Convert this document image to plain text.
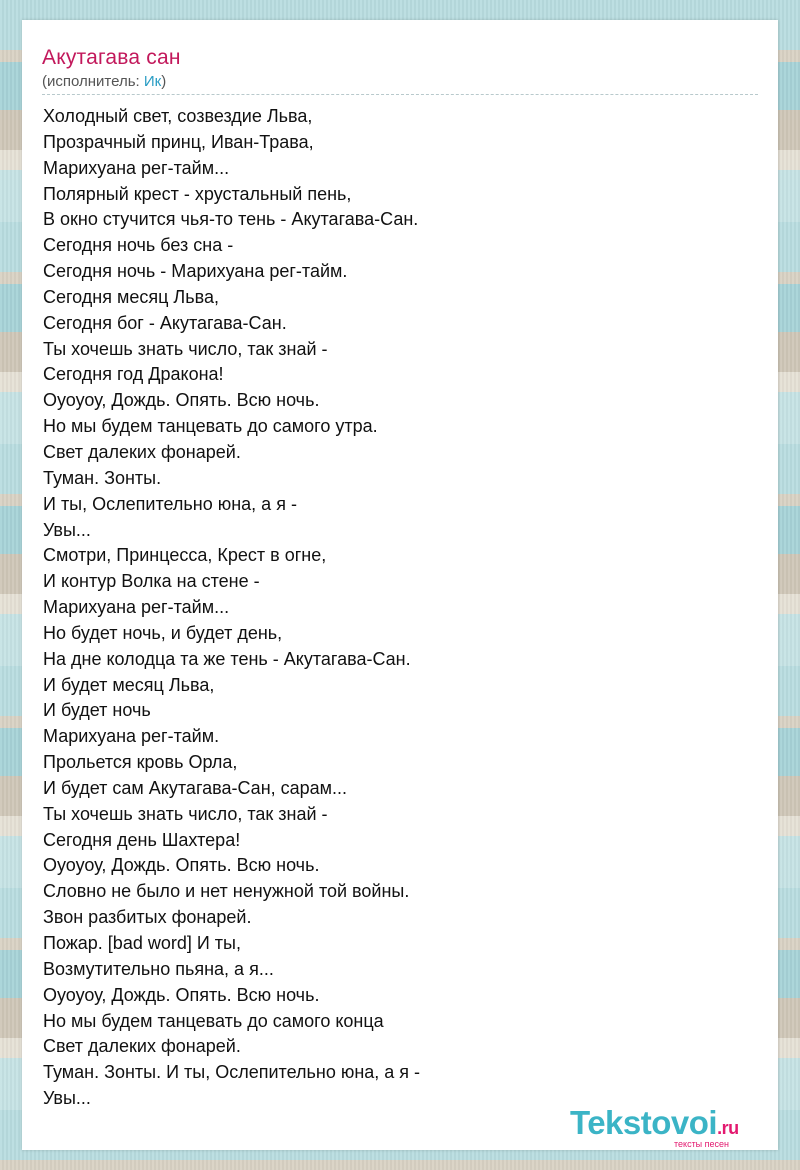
Акутагава сан
(исполнитель: Ик)
Холодный свет, созвездие Льва,
Прозрачный принц, Иван-Трава,
Марихуана рег-тайм...
Полярный крест - хрустальный пень,
В окно стучится чья-то тень - Акутагава-Сан.
Сегодня ночь без сна -
Сегодня ночь - Марихуана рег-тайм.
Сегодня месяц Льва,
Сегодня бог - Акутагава-Сан.
Ты хочешь знать число, так знай -
Сегодня год Дракона!
Оуоуоу, Дождь. Опять. Всю ночь.
Но мы будем танцевать до самого утра.
Свет далеких фонарей.
Туман. Зонты.
И ты, Ослепительно юна, а я -
Увы...
Смотри, Принцесса, Крест в огне,
И контур Волка на стене -
Марихуана рег-тайм...
Но будет ночь, и будет день,
На дне колодца та же тень - Акутагава-Сан.
И будет месяц Льва,
И будет ночь
Марихуана рег-тайм.
Прольется кровь Орла,
И будет сам Акутагава-Сан, сарам...
Ты хочешь знать число, так знай -
Сегодня день Шахтера!
Оуоуоу, Дождь. Опять. Всю ночь.
Словно не было и нет ненужной той войны.
Звон разбитых фонарей.
Пожар. [bad word] И ты,
Возмутительно пьяна, а я...
Оуоуоу, Дождь. Опять. Всю ночь.
Но мы будем танцевать до самого конца
Свет далеких фонарей.
Туман. Зонты. И ты, Ослепительно юна, а я -
Увы...
Tekstovoi.ru
тексты песен
